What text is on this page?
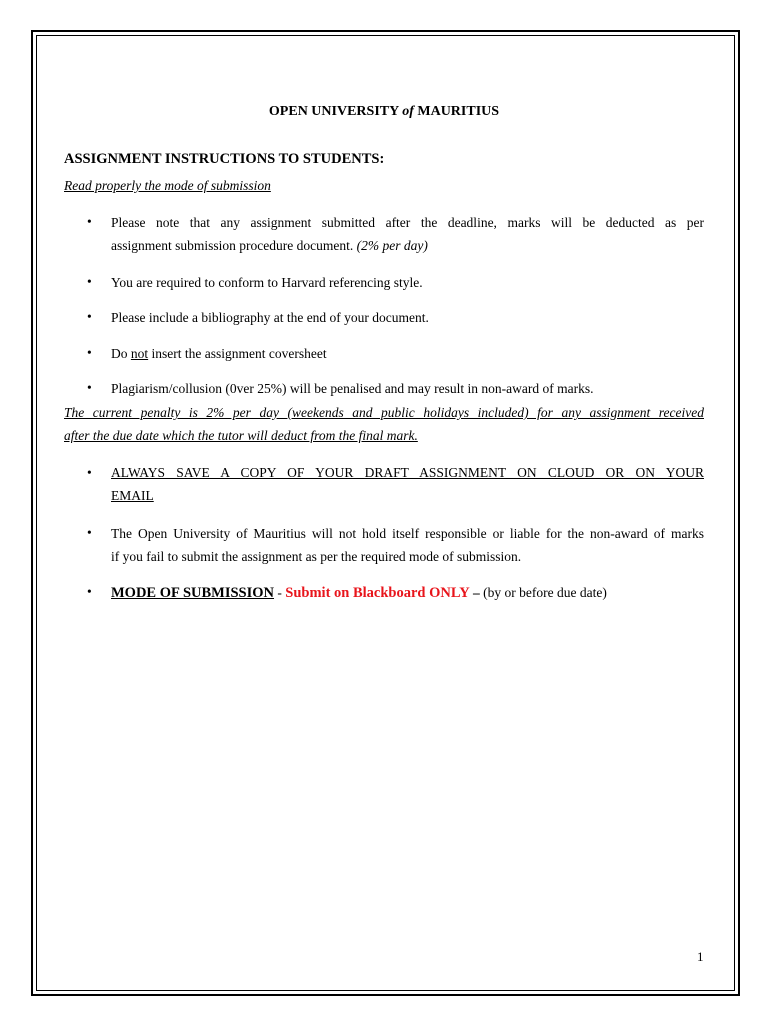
OPEN UNIVERSITY of MAURITIUS
ASSIGNMENT INSTRUCTIONS TO STUDENTS:
Read properly the mode of submission
• Please note that any assignment submitted after the deadline, marks will be deducted as per
assignment submission procedure document. (2% per day)
• You are required to conform to Harvard referencing style.
• Please include a bibliography at the end of your document.
• Do not insert the assignment coversheet
• Plagiarism/collusion (0ver 25%) will be penalised and may result in non-award of marks.
The current penalty is 2% per day (weekends and public holidays included) for any assignment received
after the due date which the tutor will deduct from the final mark.
• ALWAYS SAVE A COPY OF YOUR DRAFT ASSIGNMENT ON CLOUD OR ON YOUR
EMAIL
• The Open University of Mauritius will not hold itself responsible or liable for the non-award of marks
if you fail to submit the assignment as per the required mode of submission.
• MODE OF SUBMISSION - Submit on Blackboard ONLY – (by or before due date)
1
